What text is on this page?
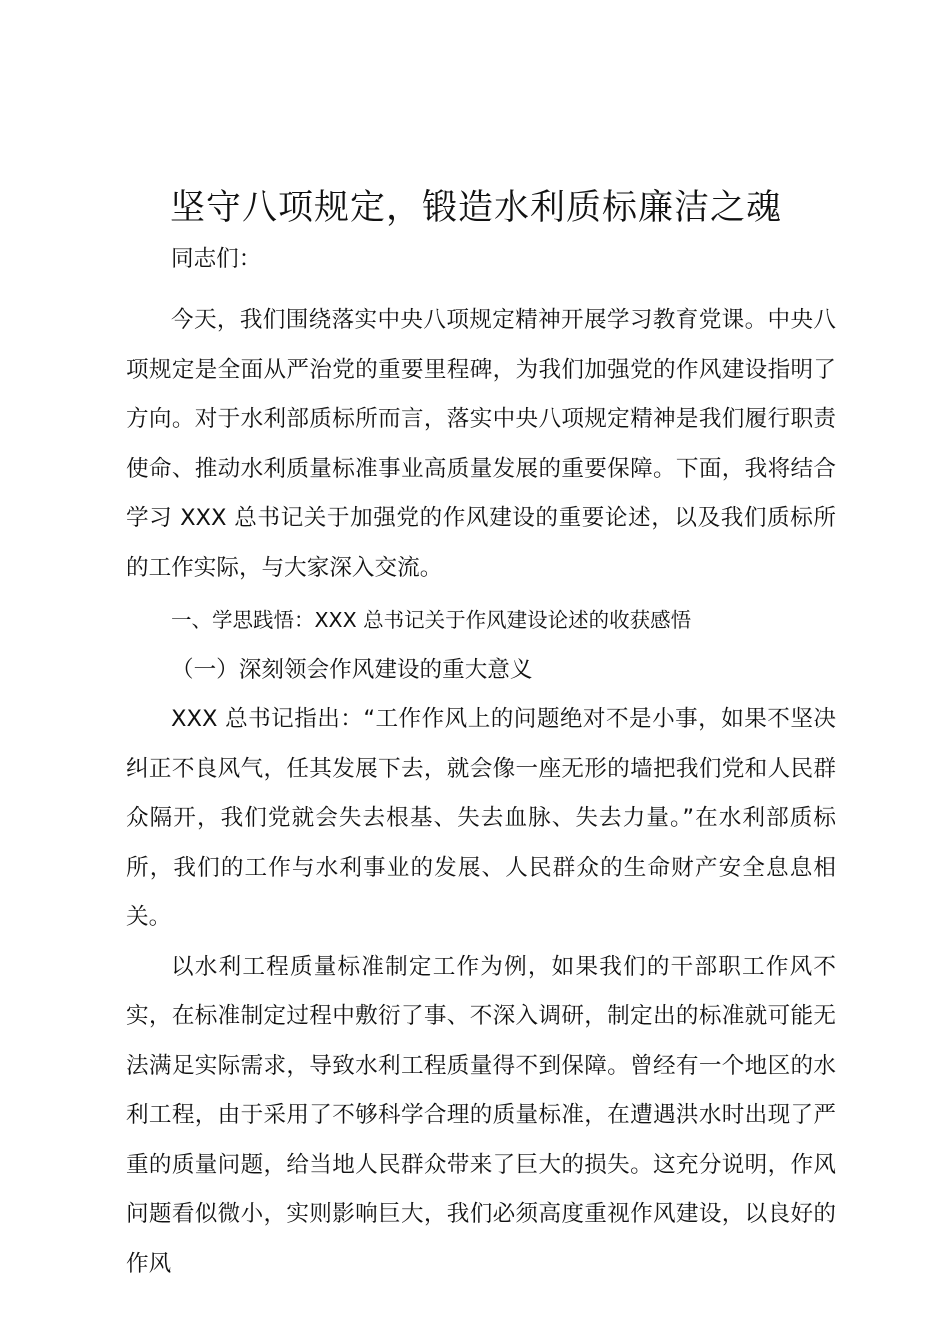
坚守八项规定，锻造水利质标廉洁之魂

同志们：

今天，我们围绕落实中央八项规定精神开展学习教育党课。中央八项规定是全面从严治党的重要里程碑，为我们加强党的作风建设指明了方向。对于水利部质标所而言，落实中央八项规定精神是我们履行职责使命、推动水利质量标准事业高质量发展的重要保障。下面，我将结合学习 XXX 总书记关于加强党的作风建设的重要论述，以及我们质标所的工作实际，与大家深入交流。

一、学思践悟：XXX 总书记关于作风建设论述的收获感悟

（一）深刻领会作风建设的重大意义

XXX 总书记指出：“工作作风上的问题绝对不是小事，如果不坚决纠正不良风气，任其发展下去，就会像一座无形的墙把我们党和人民群众隔开，我们党就会失去根基、失去血脉、失去力量。”在水利部质标所，我们的工作与水利事业的发展、人民群众的生命财产安全息息相关。

以水利工程质量标准制定工作为例，如果我们的干部职工作风不实，在标准制定过程中敷衍了事、不深入调研，制定出的标准就可能无法满足实际需求，导致水利工程质量得不到保障。曾经有一个地区的水利工程，由于采用了不够科学合理的质量标准，在遭遇洪水时出现了严重的质量问题，给当地人民群众带来了巨大的损失。这充分说明，作风问题看似微小，实则影响巨大，我们必须高度重视作风建设，以良好的作风
